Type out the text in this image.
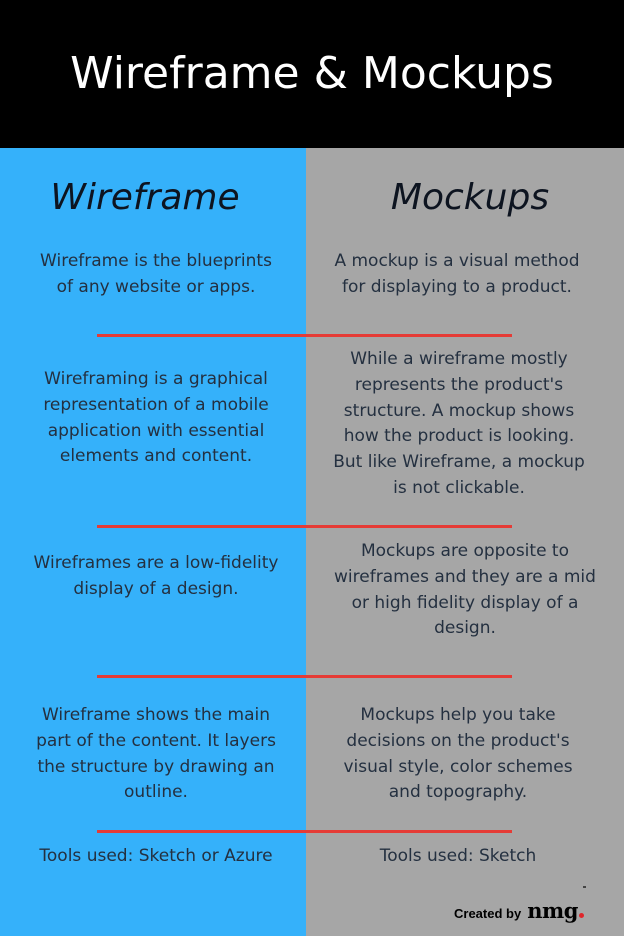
Wireframe & Mockups
Wireframe	Mockups
Wireframe is the blueprints of any website or apps.
Wireframing is a graphical representation of a mobile application with essential elements and content.
Wireframes are a low-fidelity display of a design.
Wireframe shows the main part of the content. It layers the structure by drawing an outline.
Tools used: Sketch or Azure
A mockup is a visual method for displaying to a product.
While a wireframe mostly represents the product's structure. A mockup shows how the product is looking. But like Wireframe, a mockup is not clickable.
Mockups are opposite to wireframes and they are a mid or high fidelity display of a design.
Mockups help you take decisions on the product's visual style, color schemes and topography.
Tools used: Sketch
Created by nmg
